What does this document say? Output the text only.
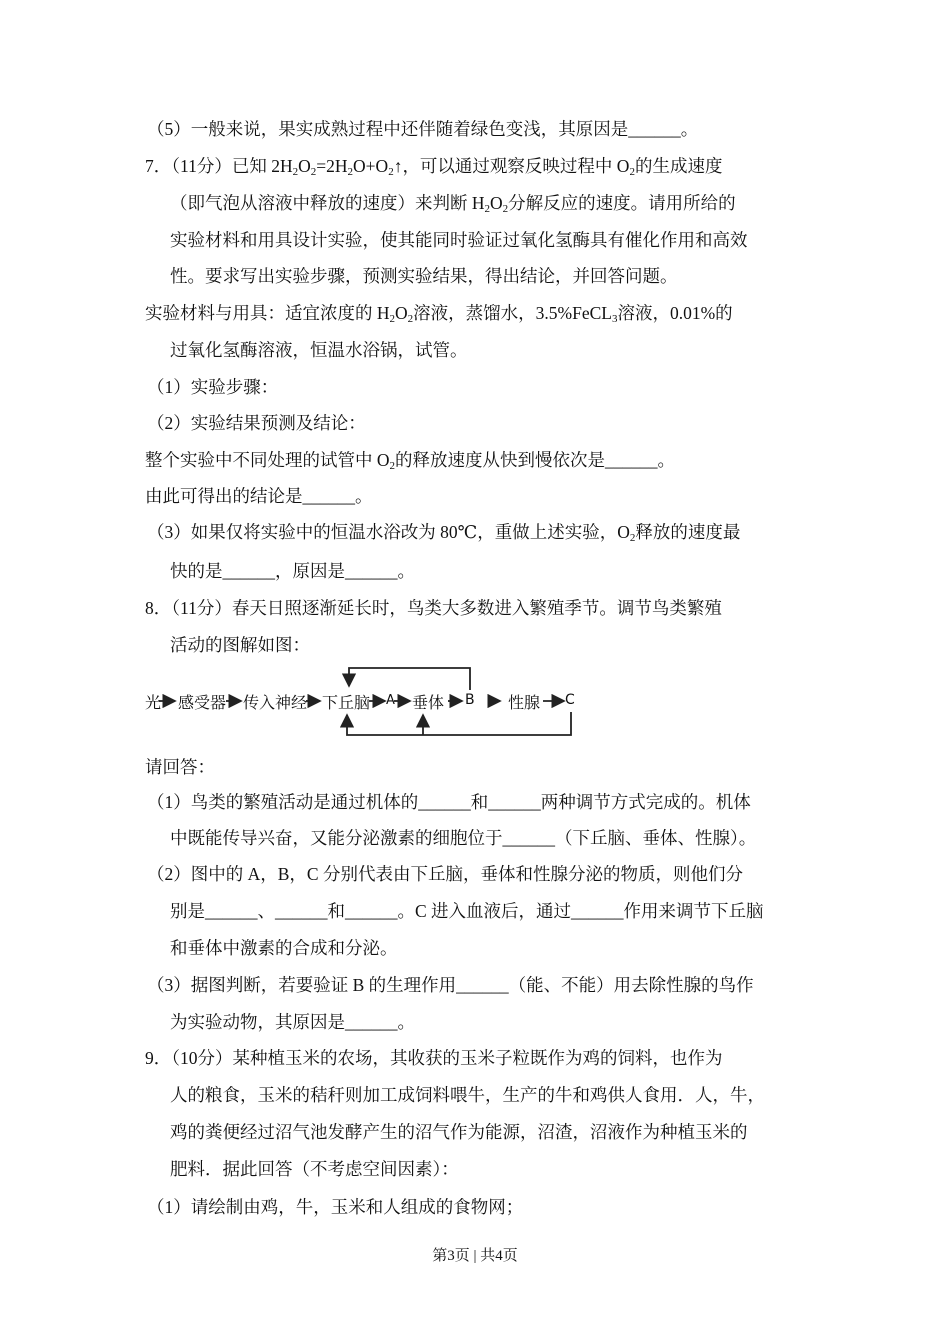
（5）一般来说，果实成熟过程中还伴随着绿色变浅，其原因是______。
7．（11分）已知 $2H_2O_2=2H_2O+O_2↑$，可以通过观察反映过程中 $O_2$的生成速度
（即气泡从溶液中释放的速度）来判断 $H_2O_2$分解反应的速度。请用所给的
实验材料和用具设计实验，使其能同时验证过氧化氢酶具有催化作用和高效
性。要求写出实验步骤，预测实验结果，得出结论，并回答问题。
实验材料与用具：适宜浓度的 $H_2O_2$溶液，蒸馏水，3.5%FeCL$_3$溶液，0.01%的
过氧化氢酶溶液，恒温水浴锅，试管。
（1）实验步骤：
（2）实验结果预测及结论：
整个实验中不同处理的试管中 $O_2$的释放速度从快到慢依次是______。
由此可得出的结论是______。
（3）如果仅将实验中的恒温水浴改为 80℃，重做上述实验，$O_2$释放的速度最
快的是______，原因是______。
8．（11分）春天日照逐渐延长时，鸟类大多数进入繁殖季节。调节鸟类繁殖
活动的图解如图：
请回答：
（1）鸟类的繁殖活动是通过机体的______和______两种调节方式完成的。机体
中既能传导兴奋，又能分泌激素的细胞位于______（下丘脑、垂体、性腺）。
（2）图中的 A，B，C 分别代表由下丘脑，垂体和性腺分泌的物质，则他们分
别是______、______和______。C 进入血液后，通过______作用来调节下丘脑
和垂体中激素的合成和分泌。
（3）据图判断，若要验证 B 的生理作用______（能、不能）用去除性腺的鸟作
为实验动物，其原因是______。
9．（10分）某种植玉米的农场，其收获的玉米子粒既作为鸡的饲料，也作为
人的粮食，玉米的秸秆则加工成饲料喂牛，生产的牛和鸡供人食用．人，牛，
鸡的粪便经过沼气池发酵产生的沼气作为能源，沼渣，沼液作为种植玉米的
肥料．据此回答（不考虑空间因素）：
（1）请绘制由鸡，牛，玉米和人组成的食物网；
光 感受器 传入神经 下丘脑 A 垂体 B 性腺 C
第3页 | 共4页
